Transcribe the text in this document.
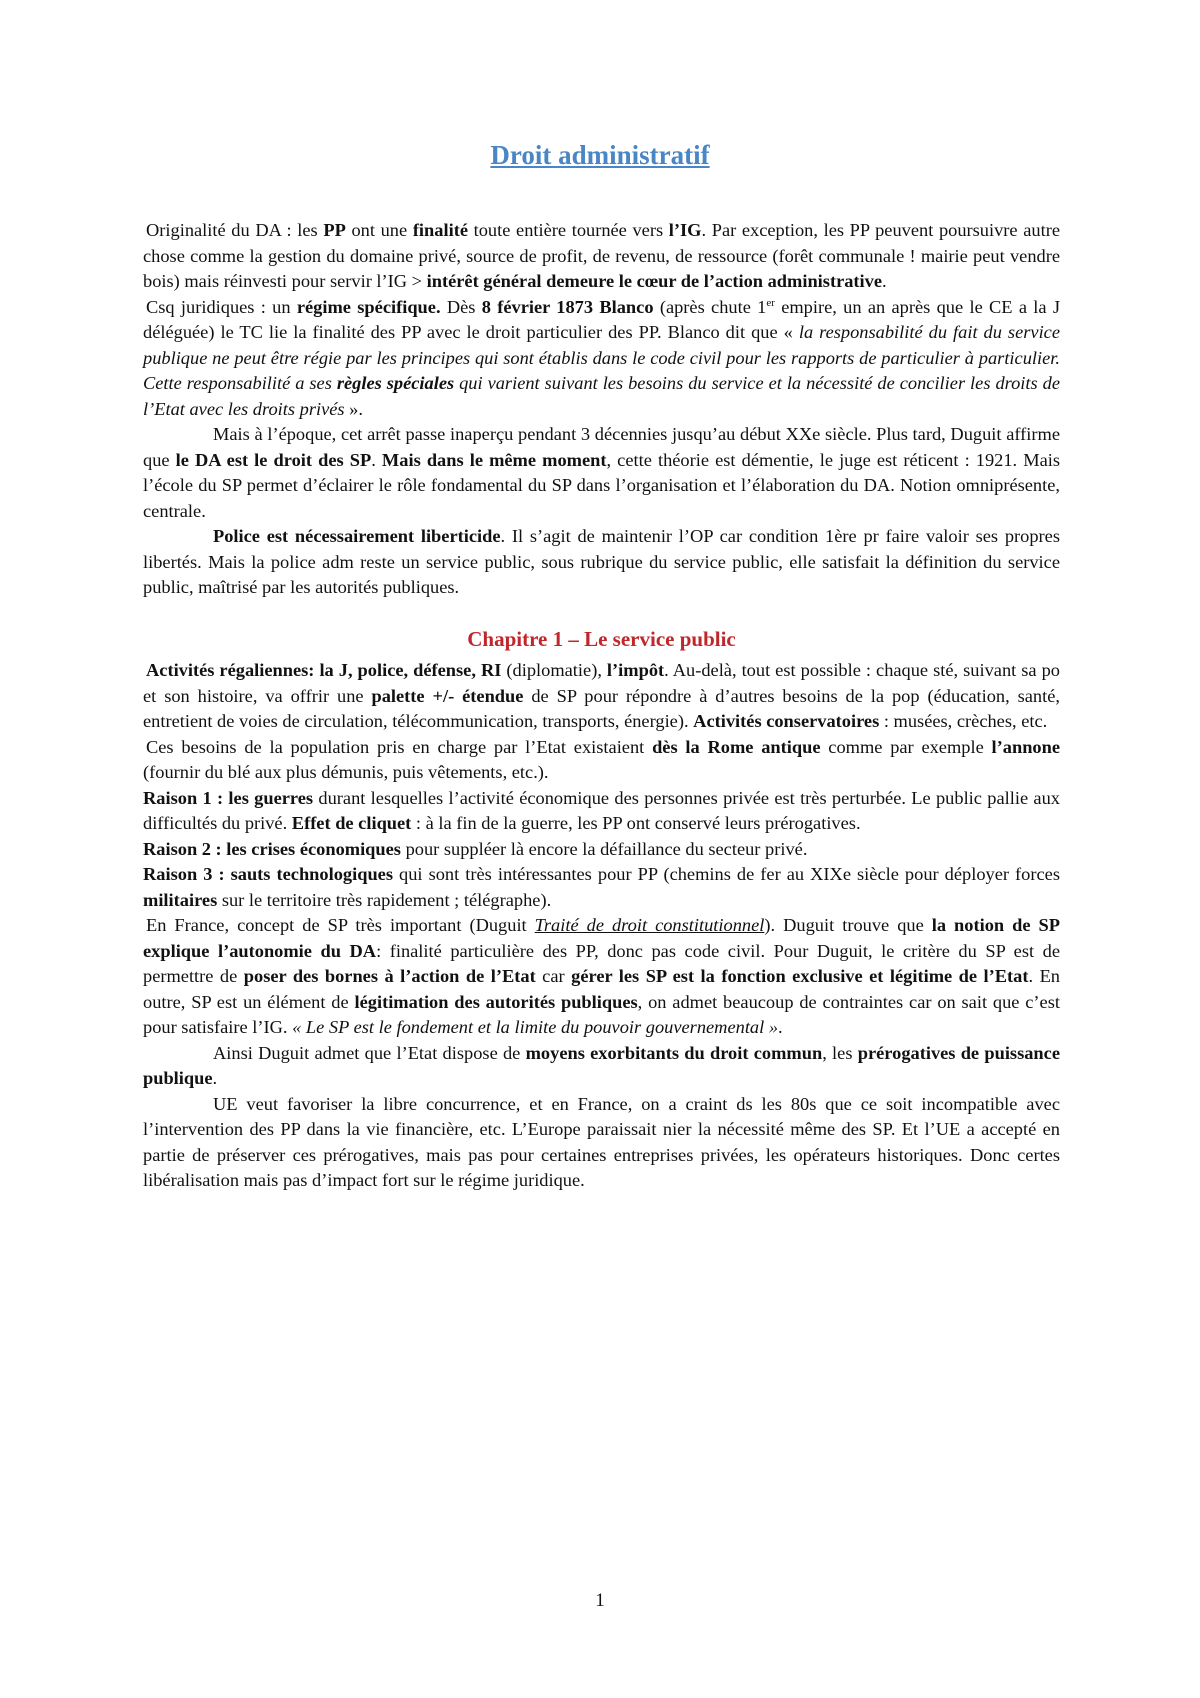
Droit administratif

Originalité du DA : les PP ont une finalité toute entière tournée vers l’IG. Par exception, les PP peuvent poursuivre autre chose comme la gestion du domaine privé, source de profit, de revenu, de ressource (forêt communale ! mairie peut vendre bois) mais réinvesti pour servir l’IG > intérêt général demeure le cœur de l’action administrative.

Csq juridiques : un régime spécifique. Dès 8 février 1873 Blanco (après chute 1er empire, un an après que le CE a la J déléguée) le TC lie la finalité des PP avec le droit particulier des PP. Blanco dit que « la responsabilité du fait du service publique ne peut être régie par les principes qui sont établis dans le code civil pour les rapports de particulier à particulier. Cette responsabilité a ses règles spéciales qui varient suivant les besoins du service et la nécessité de concilier les droits de l’Etat avec les droits privés ».

Mais à l’époque, cet arrêt passe inaperçu pendant 3 décennies jusqu’au début XXe siècle. Plus tard, Duguit affirme que le DA est le droit des SP. Mais dans le même moment, cette théorie est démentie, le juge est réticent : 1921. Mais l’école du SP permet d’éclairer le rôle fondamental du SP dans l’organisation et l’élaboration du DA. Notion omniprésente, centrale.

Police est nécessairement liberticide. Il s’agit de maintenir l’OP car condition 1ère pr faire valoir ses propres libertés. Mais la police adm reste un service public, sous rubrique du service public, elle satisfait la définition du service public, maîtrisé par les autorités publiques.

Chapitre 1 – Le service public

Activités régaliennes: la J, police, défense, RI (diplomatie), l’impôt. Au-delà, tout est possible : chaque sté, suivant sa po et son histoire, va offrir une palette +/- étendue de SP pour répondre à d’autres besoins de la pop (éducation, santé, entretient de voies de circulation, télécommunication, transports, énergie). Activités conservatoires : musées, crèches, etc.

Ces besoins de la population pris en charge par l’Etat existaient dès la Rome antique comme par exemple l’annone (fournir du blé aux plus démunis, puis vêtements, etc.).

Raison 1 : les guerres durant lesquelles l’activité économique des personnes privée est très perturbée. Le public pallie aux difficultés du privé. Effet de cliquet : à la fin de la guerre, les PP ont conservé leurs prérogatives.

Raison 2 : les crises économiques pour suppléer là encore la défaillance du secteur privé.

Raison 3 : sauts technologiques qui sont très intéressantes pour PP (chemins de fer au XIXe siècle pour déployer forces militaires sur le territoire très rapidement ; télégraphe).

En France, concept de SP très important (Duguit Traité de droit constitutionnel). Duguit trouve que la notion de SP explique l’autonomie du DA: finalité particulière des PP, donc pas code civil. Pour Duguit, le critère du SP est de permettre de poser des bornes à l’action de l’Etat car gérer les SP est la fonction exclusive et légitime de l’Etat. En outre, SP est un élément de légitimation des autorités publiques, on admet beaucoup de contraintes car on sait que c’est pour satisfaire l’IG. « Le SP est le fondement et la limite du pouvoir gouvernemental ».

Ainsi Duguit admet que l’Etat dispose de moyens exorbitants du droit commun, les prérogatives de puissance publique.

UE veut favoriser la libre concurrence, et en France, on a craint ds les 80s que ce soit incompatible avec l’intervention des PP dans la vie financière, etc. L’Europe paraissait nier la nécessité même des SP. Et l’UE a accepté en partie de préserver ces prérogatives, mais pas pour certaines entreprises privées, les opérateurs historiques. Donc certes libéralisation mais pas d’impact fort sur le régime juridique.

1
